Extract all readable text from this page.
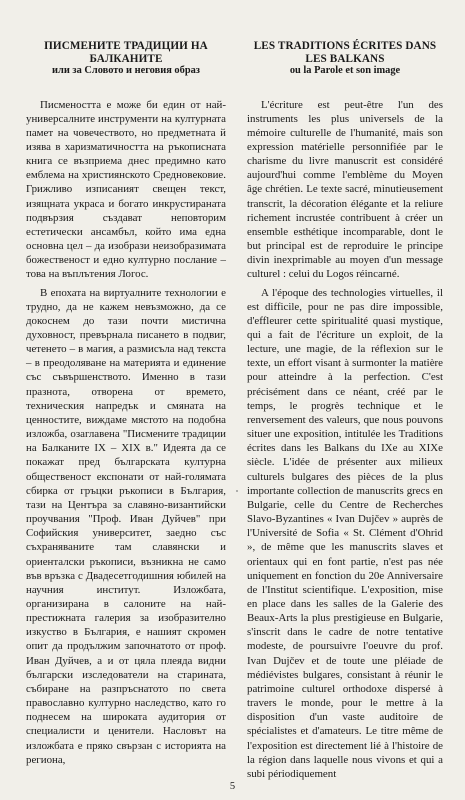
ПИСМЕНИТЕ ТРАДИЦИИ НА
БАЛКАНИТЕ

или за Словото и неговия образ

Писмеността е може би един от най-универсалните инструменти на културната памет на човечеството, но предметната й изява в харизматичността на ръкописната книга се възприема днес предимно като емблема на християнското Средновековие. Грижливо изписаният свещен текст, изящната украса и богато инкрустираната подвързия създават неповторим естетически ансамбъл, който има една основна цел – да изобрази неизобразимата божественост и едно културно послание – това на въплътения Логос.

В епохата на виртуалните технологии е трудно, да не кажем невъзможно, да се докоснем до тази почти мистична духовност, превърнала писането в подвиг, четенето – в магия, а размисъла над текста – в преодоляване на материята и единение със съвършенството. Именно в тази празнота, отворена от времето, техническия напредък и смяната на ценностите, виждаме мястото на подобна изложба, озаглавена "Писмените традиции на Балканите IX – XIX в." Идеята да се покажат пред българската културна общественост експонати от най-голямата сбирка от гръцки ръкописи в България, тази на Центъра за славяно-византийски проучвания "Проф. Иван Дуйчев" при Софийския университет, заедно със съхраняваните там славянски и ориенталски ръкописи, възникна не само във връзка с Двадесетгодишния юбилей на научния институт. Изложбата, организирана в салоните на най-престижната галерия за изобразително изкуство в България, е нашият скромен опит да продължим започнатото от проф. Иван Дуйчев, а и от цяла плеяда видни български изследователи на старината, събиране на разпръснатото по света православно културно наследство, като го поднесем на широката аудитория от специалисти и ценители. Насловът на изложбата е пряко свързан с историята на региона,

LES TRADITIONS ÉCRITES DANS
LES BALKANS

ou la Parole et son image

L'écriture est peut-être l'un des instruments les plus universels de la mémoire culturelle de l'humanité, mais son expression matérielle personnifiée par le charisme du livre manuscrit est considéré aujourd'hui comme l'emblème du Moyen âge chrétien. Le texte sacré, minutieusement transcrit, la décoration élégante et la reliure richement incrustée contribuent à créer un ensemble esthétique incomparable, dont le but principal est de reproduire le principe divin inexprimable au moyen d'un message culturel : celui du Logos réincarné.

A l'époque des technologies virtuelles, il est difficile, pour ne pas dire impossible, d'effleurer cette spiritualité quasi mystique, qui a fait de l'écriture un exploit, de la lecture, une magie, de la réflexion sur le texte, un effort visant à surmonter la matière pour atteindre à la perfection. C'est précisément dans ce néant, créé par le temps, le progrès technique et le renversement des valeurs, que nous pouvons situer une exposition, intitulée les Traditions écrites dans les Balkans du IXe au XIXe siècle. L'idée de présenter aux milieux culturels bulgares des pièces de la plus importante collection de manuscrits grecs en Bulgarie, celle du Centre de Recherches Slavo-Byzantines « Ivan Dujčev » auprès de l'Université de Sofia « St. Clément d'Ohrid », de même que les manuscrits slaves et orientaux qui en font partie, n'est pas née uniquement en fonction du 20e Anniversaire de l'Institut scientifique. L'exposition, mise en place dans les salles de la Galerie des Beaux-Arts la plus prestigieuse en Bulgarie, s'inscrit dans le cadre de notre tentative modeste, de poursuivre l'oeuvre du prof. Ivan Dujčev et de toute une pléiade de médiévistes bulgares, consistant à réunir le patrimoine culturel orthodoxe dispersé à travers le monde, pour le mettre à la disposition d'un vaste auditoire de spécialistes et d'amateurs. Le titre même de l'exposition est directement lié à l'histoire de la région dans laquelle nous vivons et qui a subi périodiquement

5
